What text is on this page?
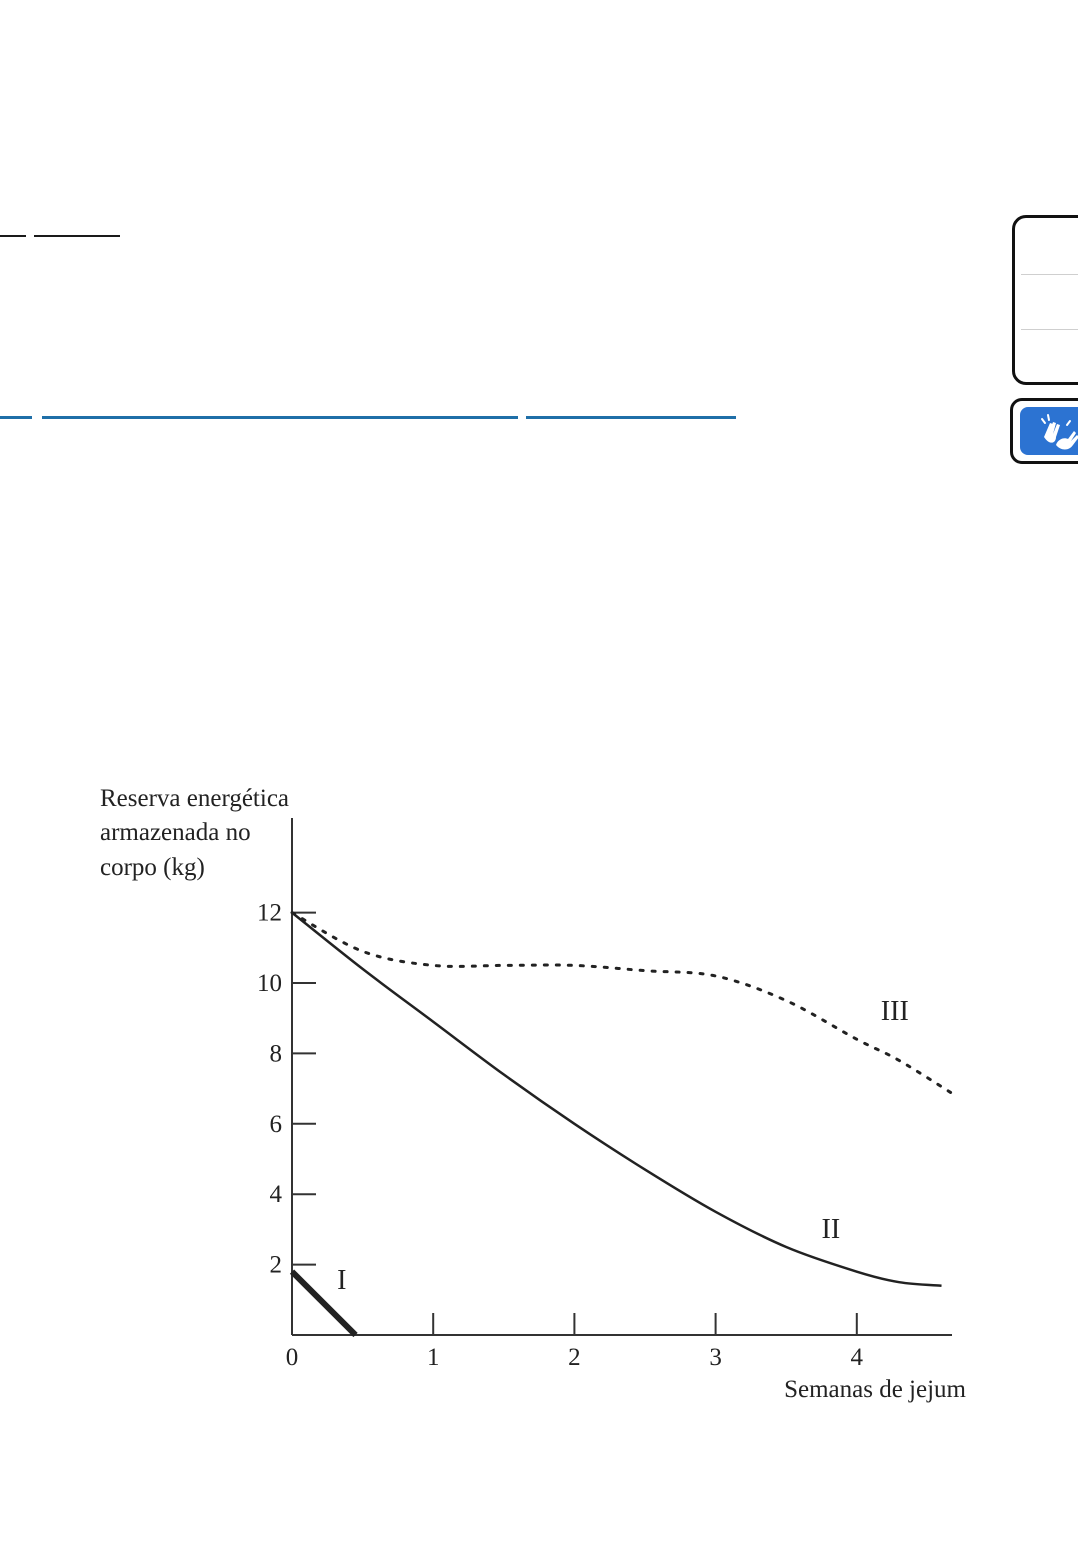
Reserva energética
armazenada no
corpo (kg)
0	1	2	3	4
2
4
6
8
10
12
I
II
III
Semanas de jejum
